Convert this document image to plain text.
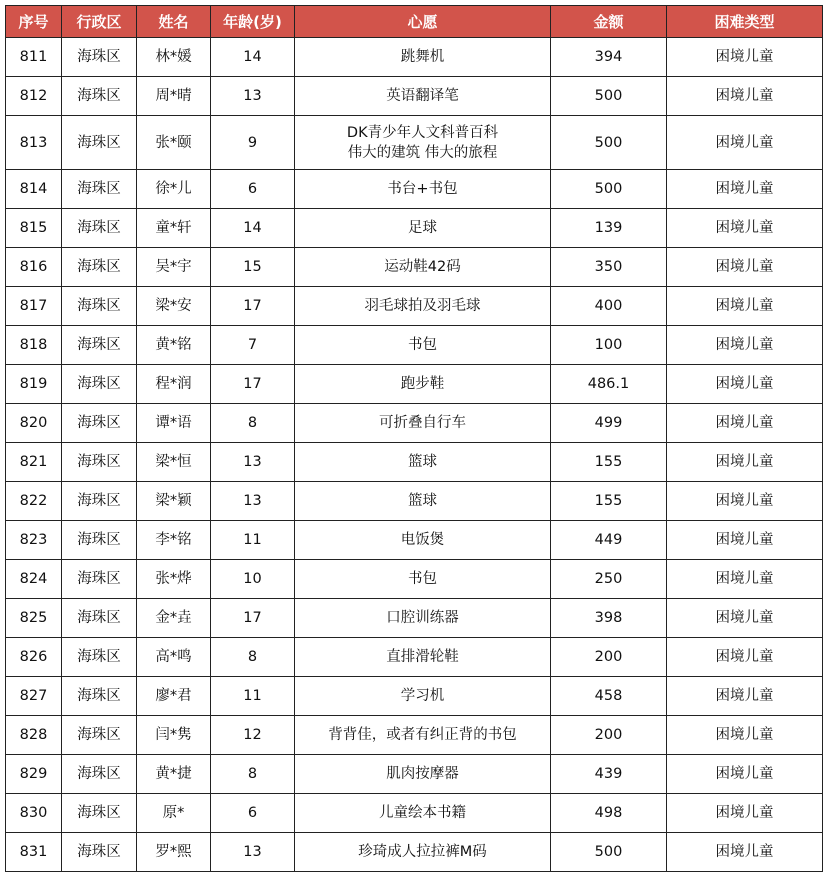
序号	行政区	姓名	年龄(岁)	心愿	金额	困难类型
811	海珠区	林*媛	14	跳舞机	394	困境儿童
812	海珠区	周*晴	13	英语翻译笔	500	困境儿童
813	海珠区	张*颐	9	DK青少年人文科普百科
伟大的建筑 伟大的旅程	500	困境儿童
814	海珠区	徐*儿	6	书台+书包	500	困境儿童
815	海珠区	童*轩	14	足球	139	困境儿童
816	海珠区	吴*宇	15	运动鞋42码	350	困境儿童
817	海珠区	梁*安	17	羽毛球拍及羽毛球	400	困境儿童
818	海珠区	黄*铭	7	书包	100	困境儿童
819	海珠区	程*润	17	跑步鞋	486.1	困境儿童
820	海珠区	谭*语	8	可折叠自行车	499	困境儿童
821	海珠区	梁*恒	13	篮球	155	困境儿童
822	海珠区	梁*颖	13	篮球	155	困境儿童
823	海珠区	李*铭	11	电饭煲	449	困境儿童
824	海珠区	张*烨	10	书包	250	困境儿童
825	海珠区	金*垚	17	口腔训练器	398	困境儿童
826	海珠区	高*鸣	8	直排滑轮鞋	200	困境儿童
827	海珠区	廖*君	11	学习机	458	困境儿童
828	海珠区	闫*隽	12	背背佳，或者有纠正背的书包	200	困境儿童
829	海珠区	黄*捷	8	肌肉按摩器	439	困境儿童
830	海珠区	原*	6	儿童绘本书籍	498	困境儿童
831	海珠区	罗*熙	13	珍琦成人拉拉裤M码	500	困境儿童
